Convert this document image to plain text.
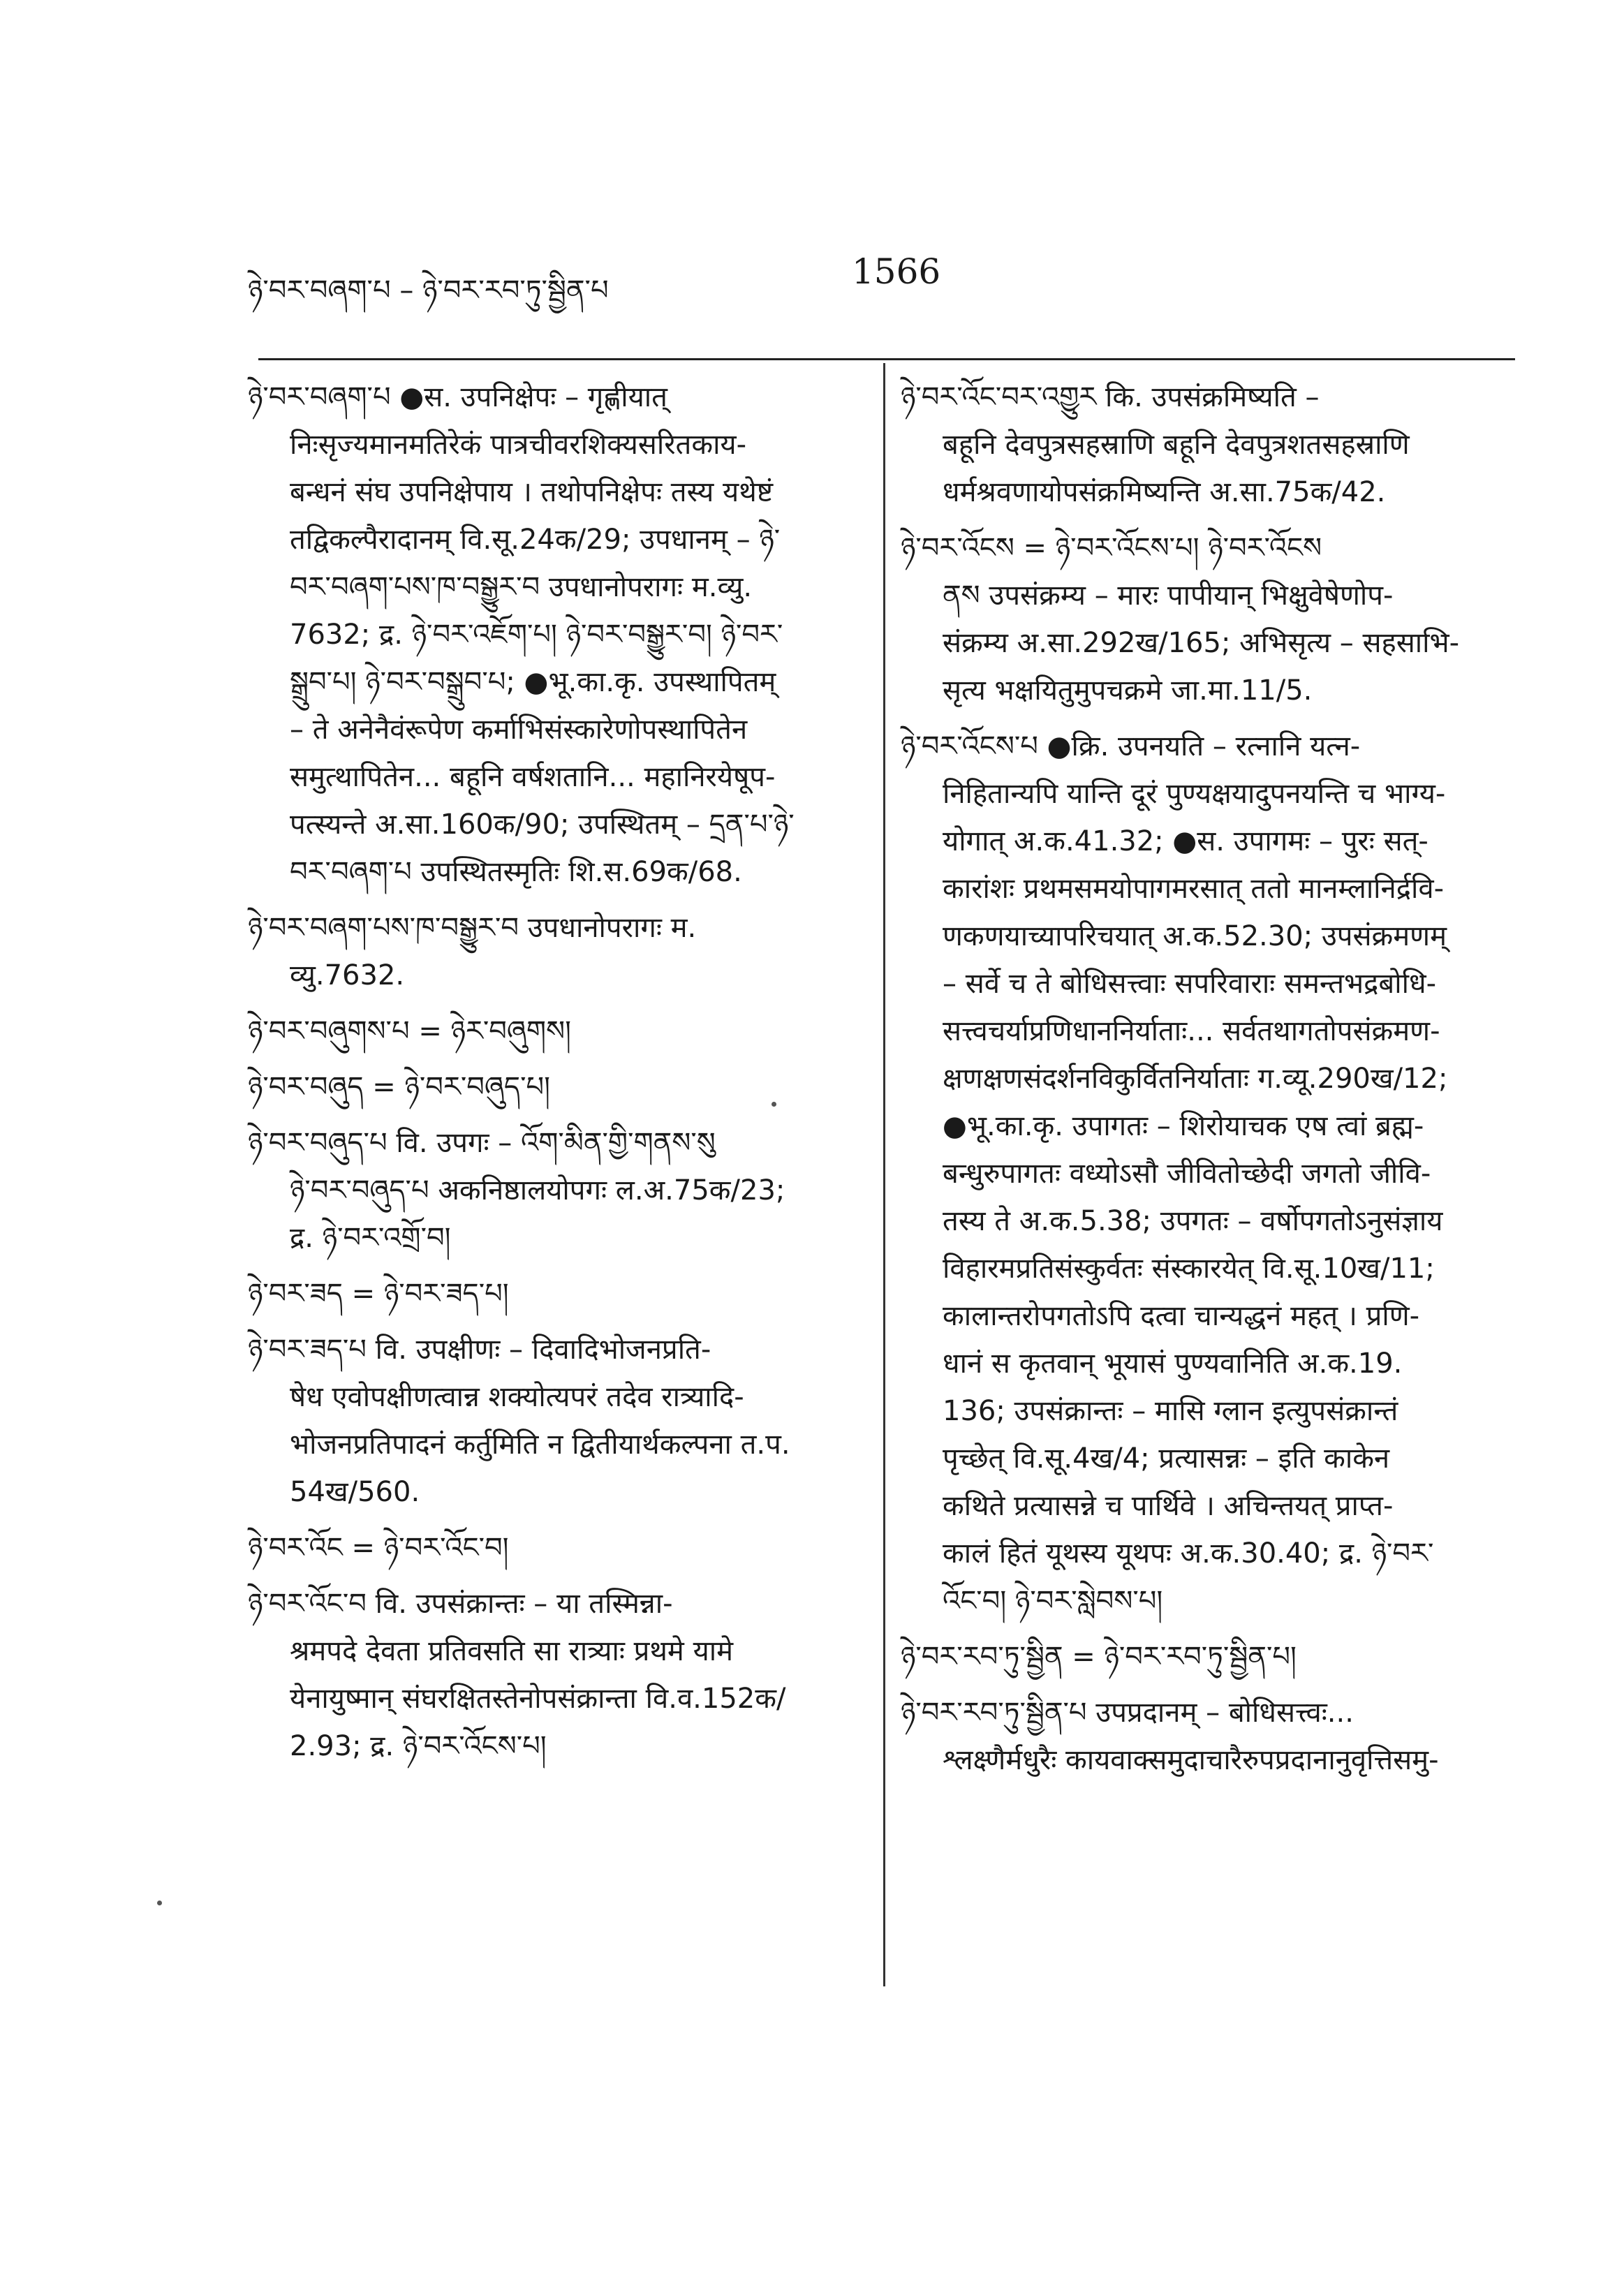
ཉེ་བར་བཞག་པ – ཉེ་བར་རབ་ཏུ་སྦྱིན་པ	1566
ཉེ་བར་བཞག་པ ●स. उपनिक्षेपः – गृह्णीयात्
निःसृज्यमानमतिरेकं पात्रचीवरशिक्यसरितकाय-
बन्धनं संघ उपनिक्षेपाय । तथोपनिक्षेपः तस्य यथेष्टं
तद्विकल्पैरादानम् वि.सू.24क/29; उपधानम् – ཉེ་
བར་བཞག་པས་ཁ་བསྒྱུར་བ उपधानोपरागः म.व्यु.
7632; द्र. ཉེ་བར་འཇོག་པ། ཉེ་བར་བསྒྱུར་བ། ཉེ་བར་
སྒྲུབ་པ། ཉེ་བར་བསྒྲུབ་པ; ●भू.का.कृ. उपस्थापितम्
– ते अनेनैवंरूपेण कर्माभिसंस्कारेणोपस्थापितेन
समुत्थापितेन... बहूनि वर्षशतानि... महानिरयेषूप-
पत्स्यन्ते अ.सा.160क/90; उपस्थितम् – དྲན་པ་ཉེ་
བར་བཞག་པ उपस्थितस्मृतिः शि.स.69क/68.
ཉེ་བར་བཞག་པས་ཁ་བསྒྱུར་བ उपधानोपरागः म.
व्यु.7632.
ཉེ་བར་བཞུགས་པ = ཉེར་བཞུགས།
ཉེ་བར་བཞུད = ཉེ་བར་བཞུད་པ།
ཉེ་བར་བཞུད་པ वि. उपगः – འོག་མིན་གྱི་གནས་སུ
ཉེ་བར་བཞུད་པ अकनिष्ठालयोपगः ल.अ.75क/23;
द्र. ཉེ་བར་འགྲོ་བ།
ཉེ་བར་ཟད = ཉེ་བར་ཟད་པ།
ཉེ་བར་ཟད་པ वि. उपक्षीणः – दिवादिभोजनप्रति-
षेध एवोपक्षीणत्वान्न शक्योत्यपरं तदेव रात्र्यादि-
भोजनप्रतिपादनं कर्तुमिति न द्वितीयार्थकल्पना त.प.
54ख/560.
ཉེ་བར་འོང = ཉེ་བར་འོང་བ།
ཉེ་བར་འོང་བ वि. उपसंक्रान्तः – या तस्मिन्ना-
श्रमपदे देवता प्रतिवसति सा रात्र्याः प्रथमे यामे
येनायुष्मान् संघरक्षितस्तेनोपसंक्रान्ता वि.व.152क/
2.93; द्र. ཉེ་བར་འོངས་པ།
ཉེ་བར་འོང་བར་འགྱུར कि. उपसंक्रमिष्यति –
बहूनि देवपुत्रसहस्राणि बहूनि देवपुत्रशतसहस्राणि
धर्मश्रवणायोपसंक्रमिष्यन्ति अ.सा.75क/42.
ཉེ་བར་འོངས = ཉེ་བར་འོངས་པ། ཉེ་བར་འོངས
ནས उपसंक्रम्य – मारः पापीयान् भिक्षुवेषेणोप-
संक्रम्य अ.सा.292ख/165; अभिसृत्य – सहसाभि-
सृत्य भक्षयितुमुपचक्रमे जा.मा.11/5.
ཉེ་བར་འོངས་པ ●क्रि. उपनयति – रत्नानि यत्न-
निहितान्यपि यान्ति दूरं पुण्यक्षयादुपनयन्ति च भाग्य-
योगात् अ.क.41.32; ●स. उपागमः – पुरः सत्-
कारांशः प्रथमसमयोपागमरसात् ततो मानम्लानिर्द्रवि-
णकणयाच्यापरिचयात् अ.क.52.30; उपसंक्रमणम्
– सर्वे च ते बोधिसत्त्वाः सपरिवाराः समन्तभद्रबोधि-
सत्त्वचर्याप्रणिधाननिर्याताः... सर्वतथागतोपसंक्रमण-
क्षणक्षणसंदर्शनविकुर्वितनिर्याताः ग.व्यू.290ख/12;
●भू.का.कृ. उपागतः – शिरोयाचक एष त्वां ब्रह्म-
बन्धुरुपागतः वध्योऽसौ जीवितोच्छेदी जगतो जीवि-
तस्य ते अ.क.5.38; उपगतः – वर्षोपगतोऽनुसंज्ञाय
विहारमप्रतिसंस्कुर्वतः संस्कारयेत् वि.सू.10ख/11;
कालान्तरोपगतोऽपि दत्वा चान्यद्धनं महत् । प्रणि-
धानं स कृतवान् भूयासं पुण्यवानिति अ.क.19.
136; उपसंक्रान्तः – मासि ग्लान इत्युपसंक्रान्तं
पृच्छेत् वि.सू.4ख/4; प्रत्यासन्नः – इति काकेन
कथिते प्रत्यासन्ने च पार्थिवे । अचिन्तयत् प्राप्त-
कालं हितं यूथस्य यूथपः अ.क.30.40; द्र. ཉེ་བར་
འོང་བ། ཉེ་བར་སླེབས་པ།
ཉེ་བར་རབ་ཏུ་སྦྱིན = ཉེ་བར་རབ་ཏུ་སྦྱིན་པ།
ཉེ་བར་རབ་ཏུ་སྦྱིན་པ उपप्रदानम् – बोधिसत्त्वः...
श्लक्ष्णैर्मधुरैः कायवाक्समुदाचारैरुपप्रदानानुवृत्तिसमु-
